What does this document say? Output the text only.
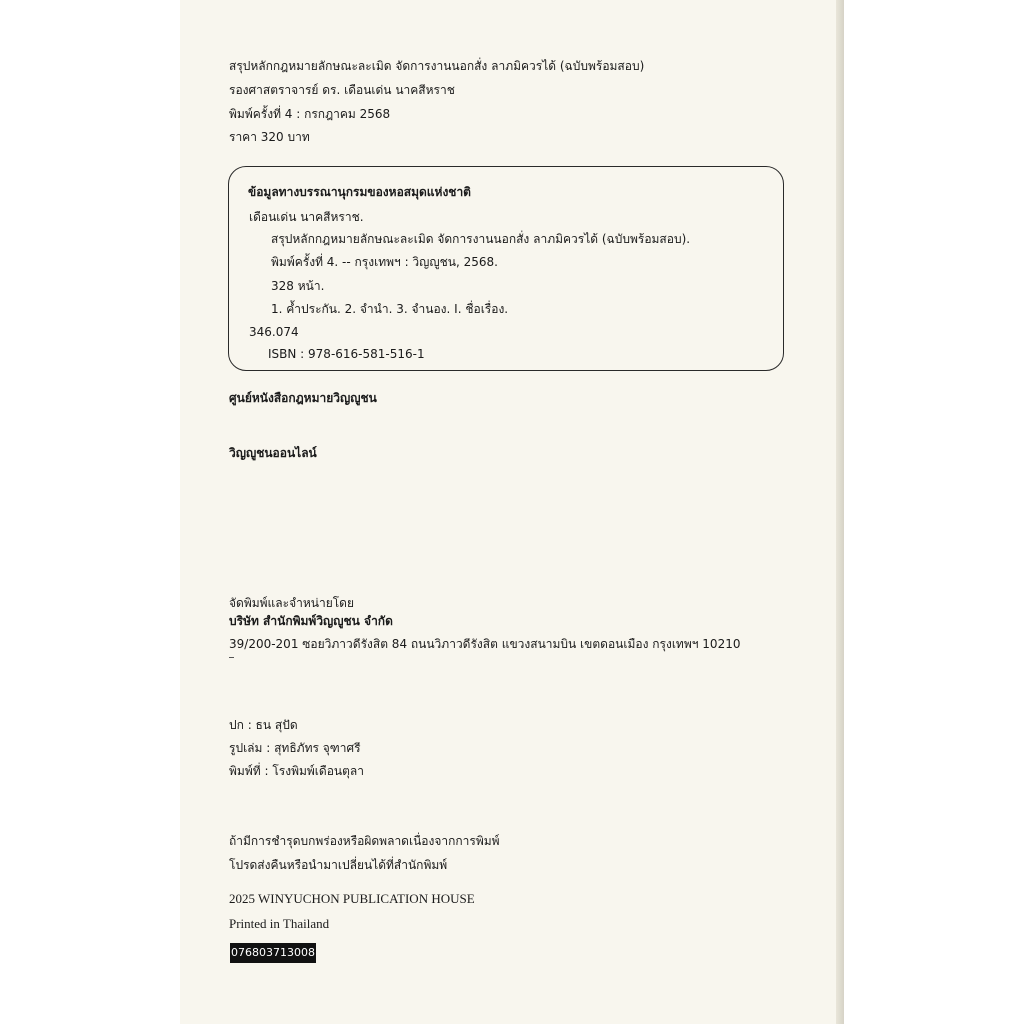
สรุปหลักกฎหมายลักษณะละเมิด จัดการงานนอกสั่ง ลาภมิควรได้ (ฉบับพร้อมสอบ)
รองศาสตราจารย์ ดร. เดือนเด่น นาคสีหราช
พิมพ์ครั้งที่ 4 : กรกฎาคม 2568
ราคา 320 บาท
ข้อมูลทางบรรณานุกรมของหอสมุดแห่งชาติ
เดือนเด่น นาคสีหราช.
สรุปหลักกฎหมายลักษณะละเมิด จัดการงานนอกสั่ง ลาภมิควรได้ (ฉบับพร้อมสอบ).
พิมพ์ครั้งที่ 4. -- กรุงเทพฯ : วิญญูชน, 2568.
328 หน้า.
1. ค้ำประกัน. 2. จำนำ. 3. จำนอง. I. ชื่อเรื่อง.
346.074
ISBN : 978-616-581-516-1
ศูนย์หนังสือกฎหมายวิญญูชน
วิญญูชนออนไลน์
จัดพิมพ์และจำหน่ายโดย
บริษัท สำนักพิมพ์วิญญูชน จำกัด
39/200-201 ซอยวิภาวดีรังสิต 84 ถนนวิภาวดีรังสิต แขวงสนามบิน เขตดอนเมือง กรุงเทพฯ 10210
ปก : ธน สุปัด
รูปเล่ม : สุทธิภัทร จุฑาศรี
พิมพ์ที่ : โรงพิมพ์เดือนตุลา
ถ้ามีการชำรุดบกพร่องหรือผิดพลาดเนื่องจากการพิมพ์
โปรดส่งคืนหรือนำมาเปลี่ยนได้ที่สำนักพิมพ์
2025 WINYUCHON PUBLICATION HOUSE
Printed in Thailand
076803713008
